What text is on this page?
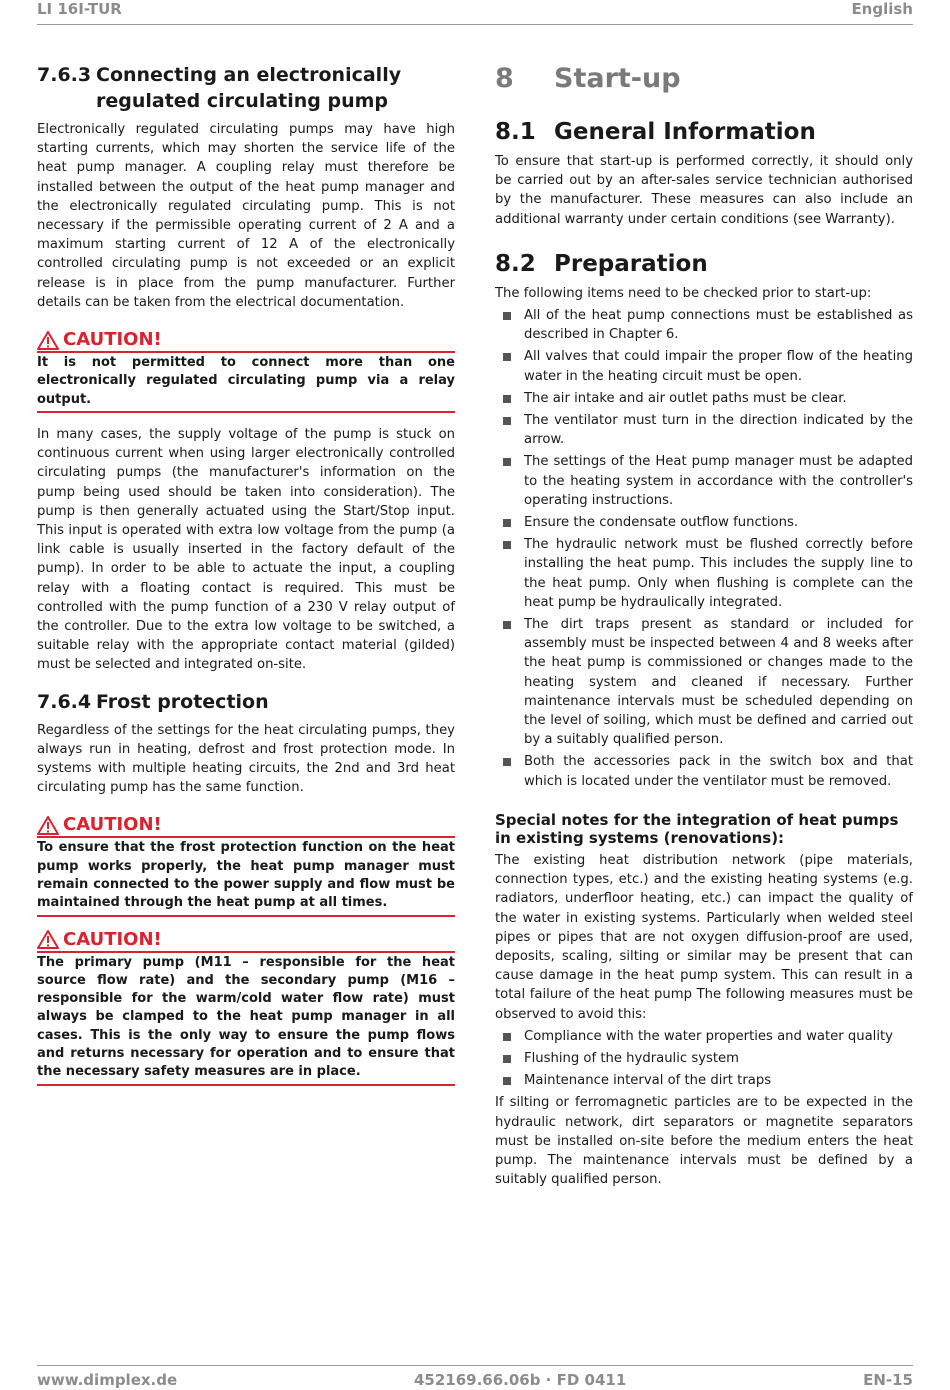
LI 16I-TUR	English
7.6.3 Connecting an electronically regulated circulating pump

Electronically regulated circulating pumps may have high starting currents, which may shorten the service life of the heat pump manager. A coupling relay must therefore be installed between the output of the heat pump manager and the electronically regulated circulating pump. This is not necessary if the permissible operating current of 2 A and a maximum starting current of 12 A of the electronically controlled circulating pump is not exceeded or an explicit release is in place from the pump manufacturer. Further details can be taken from the electrical documentation.

CAUTION!
It is not permitted to connect more than one electronically regulated circulating pump via a relay output.

In many cases, the supply voltage of the pump is stuck on continuous current when using larger electronically controlled circulating pumps (the manufacturer's information on the pump being used should be taken into consideration). The pump is then generally actuated using the Start/Stop input. This input is operated with extra low voltage from the pump (a link cable is usually inserted in the factory default of the pump). In order to be able to actuate the input, a coupling relay with a floating contact is required. This must be controlled with the pump function of a 230 V relay output of the controller. Due to the extra low voltage to be switched, a suitable relay with the appropriate contact material (gilded) must be selected and integrated on-site.

7.6.4 Frost protection

Regardless of the settings for the heat circulating pumps, they always run in heating, defrost and frost protection mode. In systems with multiple heating circuits, the 2nd and 3rd heat circulating pump has the same function.

CAUTION!
To ensure that the frost protection function on the heat pump works properly, the heat pump manager must remain connected to the power supply and flow must be maintained through the heat pump at all times.
CAUTION!
The primary pump (M11 – responsible for the heat source flow rate) and the secondary pump (M16 – responsible for the warm/cold water flow rate) must always be clamped to the heat pump manager in all cases. This is the only way to ensure the pump flows and returns necessary for operation and to ensure that the necessary safety measures are in place.
8	Start-up
8.1 General Information

To ensure that start-up is performed correctly, it should only be carried out by an after-sales service technician authorised by the manufacturer. These measures can also include an additional warranty under certain conditions (see Warranty).

8.2 Preparation

The following items need to be checked prior to start-up:

All of the heat pump connections must be established as described in Chapter 6.
All valves that could impair the proper flow of the heating water in the heating circuit must be open.
The air intake and air outlet paths must be clear.
The ventilator must turn in the direction indicated by the arrow.
The settings of the Heat pump manager must be adapted to the heating system in accordance with the controller's operating instructions.
Ensure the condensate outflow functions.
The hydraulic network must be flushed correctly before installing the heat pump. This includes the supply line to the heat pump. Only when flushing is complete can the heat pump be hydraulically integrated.
The dirt traps present as standard or included for assembly must be inspected between 4 and 8 weeks after the heat pump is commissioned or changes made to the heating system and cleaned if necessary. Further maintenance intervals must be scheduled depending on the level of soiling, which must be defined and carried out by a suitably qualified person.
Both the accessories pack in the switch box and that which is located under the ventilator must be removed.
Special notes for the integration of heat pumps in existing systems (renovations):

The existing heat distribution network (pipe materials, connection types, etc.) and the existing heating systems (e.g. radiators, underfloor heating, etc.) can impact the quality of the water in existing systems. Particularly when welded steel pipes or pipes that are not oxygen diffusion-proof are used, deposits, scaling, silting or similar may be present that can cause damage in the heat pump system. This can result in a total failure of the heat pump The following measures must be observed to avoid this:

Compliance with the water properties and water quality
Flushing of the hydraulic system
Maintenance interval of the dirt traps

If silting or ferromagnetic particles are to be expected in the hydraulic network, dirt separators or magnetite separators must be installed on-site before the medium enters the heat pump. The maintenance intervals must be defined by a suitably qualified person.

www.dimplex.de	452169.66.06b · FD 0411	EN-15
